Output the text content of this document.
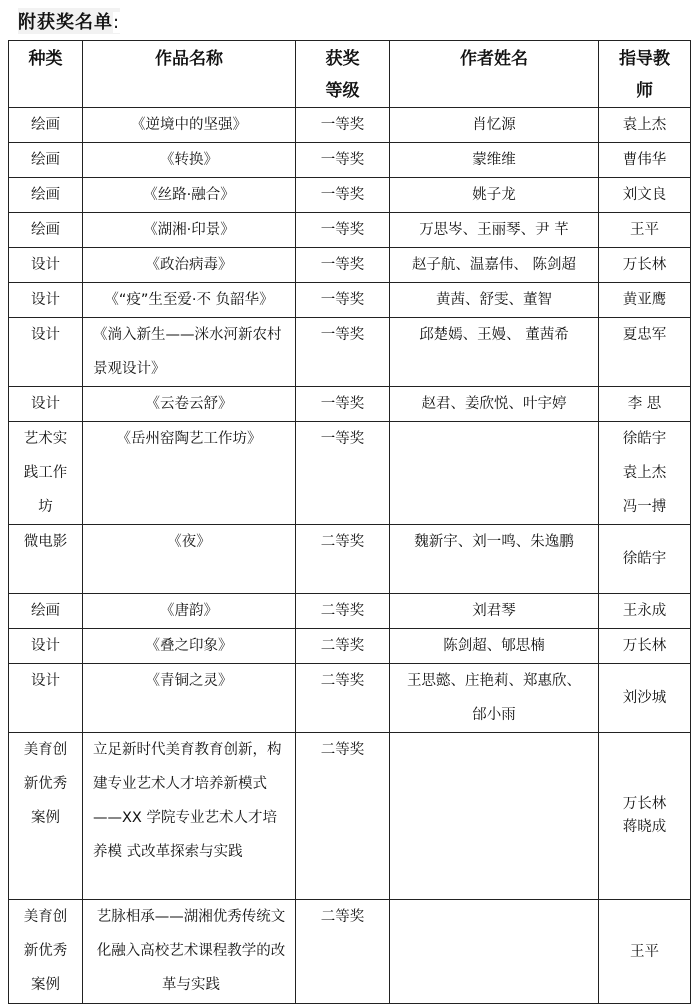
附获奖名单:
种类	作品名称	获奖等级	作者姓名	指导教师
绘画	《逆境中的坚强》	一等奖	肖忆源	袁上杰

绘画	《转换》	一等奖	蒙维维	曹伟华

绘画	《丝路·融合》	一等奖	姚子龙	刘文良

绘画	《湖湘·印景》	一等奖	万思岑、王丽琴、尹 芊	王平

设计	《政治病毒》	一等奖	赵子航、温嘉伟、 陈剑超	万长林

设计	《“疫”生至爱·不 负韶华》	一等奖	黄茜、舒雯、董智	黄亚鹰

设计	《淌入新生——洣水河新农村景观设计》	一等奖	邱楚嫣、王嫚、 董茜希	夏忠军

设计	《云卷云舒》	一等奖	赵君、姜欣悦、叶宇婷	李 思

艺术实践工作坊	《岳州窑陶艺工作坊》	一等奖		徐皓宇
袁上杰
冯一搏

微电影	《夜》	二等奖	魏新宇、刘一鸣、朱逸鹏	徐皓宇

绘画	《唐韵》	二等奖	刘君琴	王永成

设计	《叠之印象》	二等奖	陈剑超、郇思楠	万长林

设计	《青铜之灵》	二等奖	王思懿、庄艳莉、郑惠欣、邰小雨	刘沙城

美育创新优秀案例	立足新时代美育教育创新，构建专业艺术人才培养新模式——XX 学院专业艺术人才培养模 式改革探索与实践	二等奖		万长林
蒋晓成

美育创新优秀案例	艺脉相承——湖湘优秀传统文化融入高校艺术课程教学的改革与实践	二等奖		王平
